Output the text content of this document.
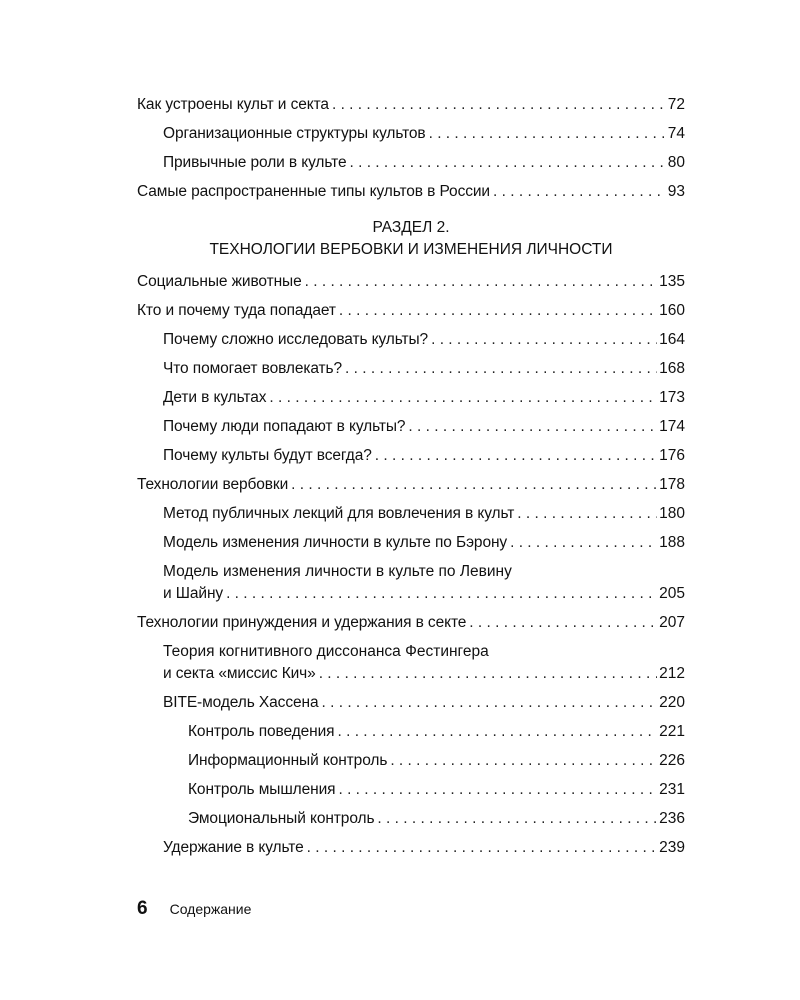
Как устроены культ и секта . . .	72
Организационные структуры культов . . .	74
Привычные роли в культе . . .	80
Самые распространенные типы культов в России . . .	93
РАЗДЕЛ 2.
ТЕХНОЛОГИИ ВЕРБОВКИ И ИЗМЕНЕНИЯ ЛИЧНОСТИ
Социальные животные . . .	135
Кто и почему туда попадает . . .	160
Почему сложно исследовать культы? . . .	164
Что помогает вовлекать? . . .	168
Дети в культах . . .	173
Почему люди попадают в культы? . . .	174
Почему культы будут всегда? . . .	176
Технологии вербовки . . .	178
Метод публичных лекций для вовлечения в культ . . .	180
Модель изменения личности в культе по Бэрону . . .	188
Модель изменения личности в культе по Левину
и Шайну . . .	205
Технологии принуждения и удержания в секте . . .	207
Теория когнитивного диссонанса Фестингера
и секта «миссис Кич» . . .	212
BITE-модель Хассена . . .	220
Контроль поведения . . .	221
Информационный контроль . . .	226
Контроль мышления . . .	231
Эмоциональный контроль . . .	236
Удержание в культе . . .	239
6 Содержание
